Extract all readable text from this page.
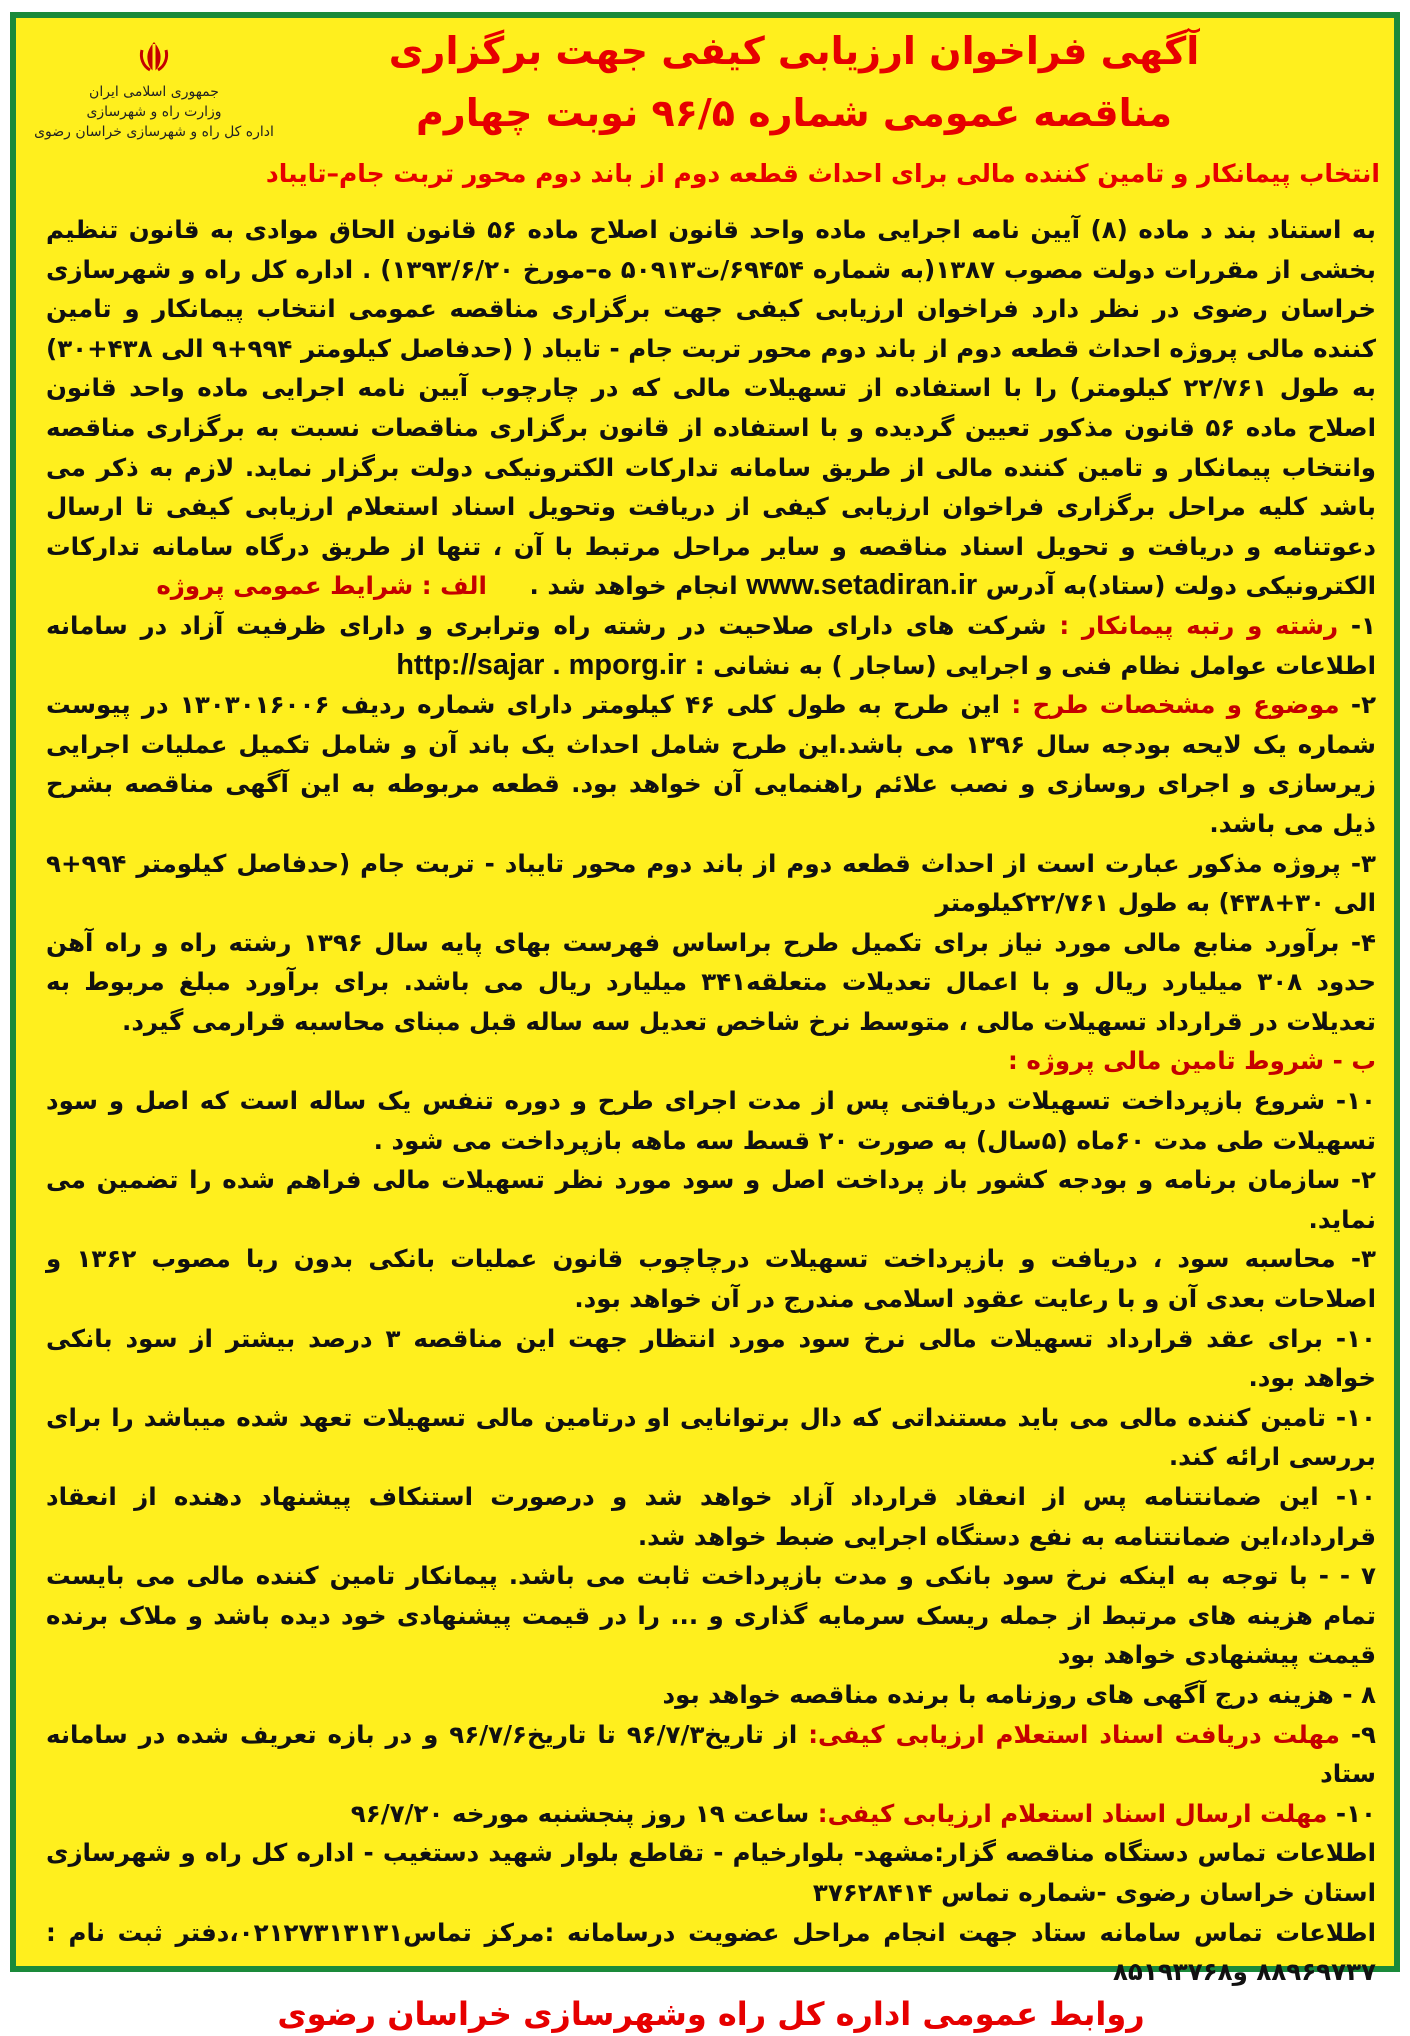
جمهوری اسلامی ایران
وزارت راه و شهرسازی
اداره کل راه و شهرسازی خراسان رضوی
آگهی فراخوان ارزیابی کیفی جهت برگزاری
مناقصه عمومی شماره ۹۶/۵ نوبت چهارم
انتخاب پیمانکار و تامین کننده مالی برای احداث قطعه دوم از باند دوم محور تربت جام–تایباد

به استناد بند د ماده (۸) آیین نامه اجرایی ماده واحد قانون اصلاح ماده ۵۶ قانون الحاق موادی به قانون تنظیم بخشی از مقررات دولت مصوب ۱۳۸۷(به شماره ۶۹۴۵۴/ت۵۰۹۱۳ ه–مورخ ۱۳۹۳/۶/۲۰) . اداره کل راه و شهرسازی خراسان رضوی در نظر دارد فراخوان ارزیابی کیفی جهت برگزاری مناقصه عمومی انتخاب پیمانکار و تامین کننده مالی پروژه احداث قطعه دوم از باند دوم محور تربت جام - تایباد ( (حدفاصل کیلومتر ۹۹۴+۹ الی ۴۳۸+۳۰) به طول ۲۲/۷۶۱ کیلومتر) را با استفاده از تسهیلات مالی که در چارچوب آیین نامه اجرایی ماده واحد قانون اصلاح ماده ۵۶ قانون مذکور تعیین گردیده و با استفاده از قانون برگزاری مناقصات نسبت به برگزاری مناقصه وانتخاب پیمانکار و تامین کننده مالی از طریق سامانه تدارکات الکترونیکی دولت برگزار نماید. لازم به ذکر می باشد کلیه مراحل برگزاری فراخوان ارزیابی کیفی از دریافت وتحویل اسناد استعلام ارزیابی کیفی تا ارسال دعوتنامه و دریافت و تحویل اسناد مناقصه و سایر مراحل مرتبط با آن ، تنها از طریق درگاه سامانه تدارکات الکترونیکی دولت (ستاد)به آدرس www.setadiran.ir انجام خواهد شد .     الف : شرایط عمومی پروژه

۱- رشته و رتبه پیمانکار : شرکت های دارای صلاحیت در رشته راه وترابری و دارای ظرفیت آزاد در سامانه اطلاعات عوامل نظام فنی و اجرایی (ساجار ) به نشانی : http://sajar . mporg.ir

۲- موضوع و مشخصات طرح : این طرح به طول کلی ۴۶ کیلومتر دارای شماره ردیف ۱۳۰۳۰۱۶۰۰۶ در پیوست شماره یک لایحه بودجه سال ۱۳۹۶ می باشد.این طرح شامل احداث یک باند آن و شامل تکمیل عملیات اجرایی زیرسازی و اجرای روسازی و نصب علائم راهنمایی آن خواهد بود. قطعه مربوطه به این آگهی مناقصه بشرح ذیل می باشد.

۳- پروژه مذکور عبارت است از احداث قطعه دوم از باند دوم محور تایباد - تربت جام (حدفاصل کیلومتر ۹۹۴+۹ الی ۳۰+۴۳۸) به طول ۲۲/۷۶۱کیلومتر

۴- برآورد منابع مالی مورد نیاز برای تکمیل طرح براساس فهرست بهای پایه سال ۱۳۹۶ رشته راه و راه آهن حدود ۳۰۸ میلیارد ریال و با اعمال تعدیلات متعلقه۳۴۱ میلیارد ریال می باشد. برای برآورد مبلغ مربوط به تعدیلات در قرارداد تسهیلات مالی ، متوسط نرخ شاخص تعدیل سه ساله قبل مبنای محاسبه قرارمی گیرد.

ب - شروط تامین مالی پروژه :

۱۰- شروع بازپرداخت تسهیلات دریافتی پس از مدت اجرای طرح و دوره تنفس یک ساله است که اصل و سود تسهیلات طی مدت ۶۰ماه (۵سال) به صورت ۲۰ قسط سه ماهه بازپرداخت می شود .

۲- سازمان برنامه و بودجه کشور باز پرداخت اصل و سود مورد نظر تسهیلات مالی فراهم شده را تضمین می نماید.

۳- محاسبه سود ، دریافت و بازپرداخت تسهیلات درچاچوب قانون عملیات بانکی بدون ربا مصوب ۱۳۶۲ و اصلاحات بعدی آن و با رعایت عقود اسلامی مندرج در آن خواهد بود.

۱۰- برای عقد قرارداد تسهیلات مالی نرخ سود مورد انتظار جهت این مناقصه ۳ درصد بیشتر از سود بانکی خواهد بود.

۱۰- تامین کننده مالی می باید مستنداتی که دال برتوانایی او درتامین مالی تسهیلات تعهد شده میباشد را برای بررسی ارائه کند.

۱۰- این ضمانتنامه پس از انعقاد قرارداد آزاد خواهد شد و درصورت استنکاف پیشنهاد دهنده از انعقاد قرارداد،این ضمانتنامه به نفع دستگاه اجرایی ضبط خواهد شد.

۷ - - با توجه به اینکه نرخ سود بانکی و مدت بازپرداخت ثابت می باشد. پیمانکار تامین کننده مالی می بایست تمام هزینه های مرتبط از جمله ریسک سرمایه گذاری و ... را در قیمت پیشنهادی خود دیده باشد و ملاک برنده قیمت پیشنهادی خواهد بود

۸ - هزینه درج آگهی های روزنامه با برنده مناقصه خواهد بود

۹- مهلت دریافت اسناد استعلام ارزیابی کیفی: از تاریخ۹۶/۷/۳ تا تاریخ۹۶/۷/۶ و در بازه تعریف شده در سامانه ستاد

۱۰- مهلت ارسال اسناد استعلام ارزیابی کیفی: ساعت ۱۹ روز پنجشنبه مورخه ۹۶/۷/۲۰

اطلاعات تماس دستگاه مناقصه گزار:مشهد- بلوارخیام - تقاطع بلوار شهید دستغیب - اداره کل راه و شهرسازی استان خراسان رضوی -شماره تماس ۳۷۶۲۸۴۱۴

اطلاعات تماس سامانه ستاد جهت انجام مراحل عضویت درسامانه :مرکز تماس۰۲۱۲۷۳۱۳۱۳۱،دفتر ثبت نام : ۸۸۹۶۹۷۳۷ و۸۵۱۹۳۷۶۸

روابط عمومی اداره کل راه وشهرسازی خراسان رضوی
